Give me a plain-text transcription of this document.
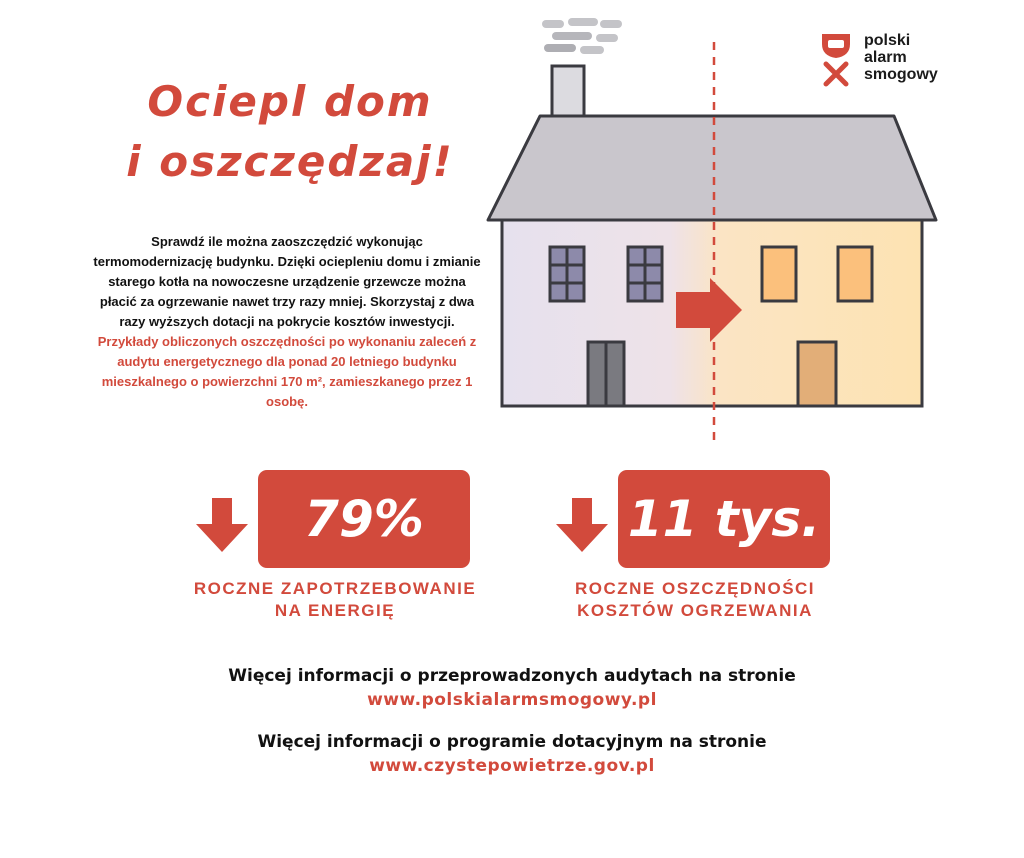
polski
alarm
smogowy
Ociepl dom
i oszczędzaj!
Sprawdź ile można zaoszczędzić wykonując termomodernizację budynku. Dzięki ociepleniu domu i zmianie starego kotła na nowoczesne urządzenie grzewcze można płacić za ogrzewanie nawet trzy razy mniej. Skorzystaj z dwa razy wyższych dotacji na pokrycie kosztów inwestycji. Przykłady obliczonych oszczędności po wykonaniu zaleceń z audytu energetycznego dla ponad 20 letniego budynku mieszkalnego o powierzchni 170 m², zamieszkanego przez 1 osobę.
79%
ROCZNE ZAPOTRZEBOWANIE
NA ENERGIĘ
11 tys.
ROCZNE OSZCZĘDNOŚCI
KOSZTÓW OGRZEWANIA
Więcej informacji o przeprowadzonych audytach na stronie
www.polskialarmsmogowy.pl
Więcej informacji o programie dotacyjnym na stronie
www.czystepowietrze.gov.pl
